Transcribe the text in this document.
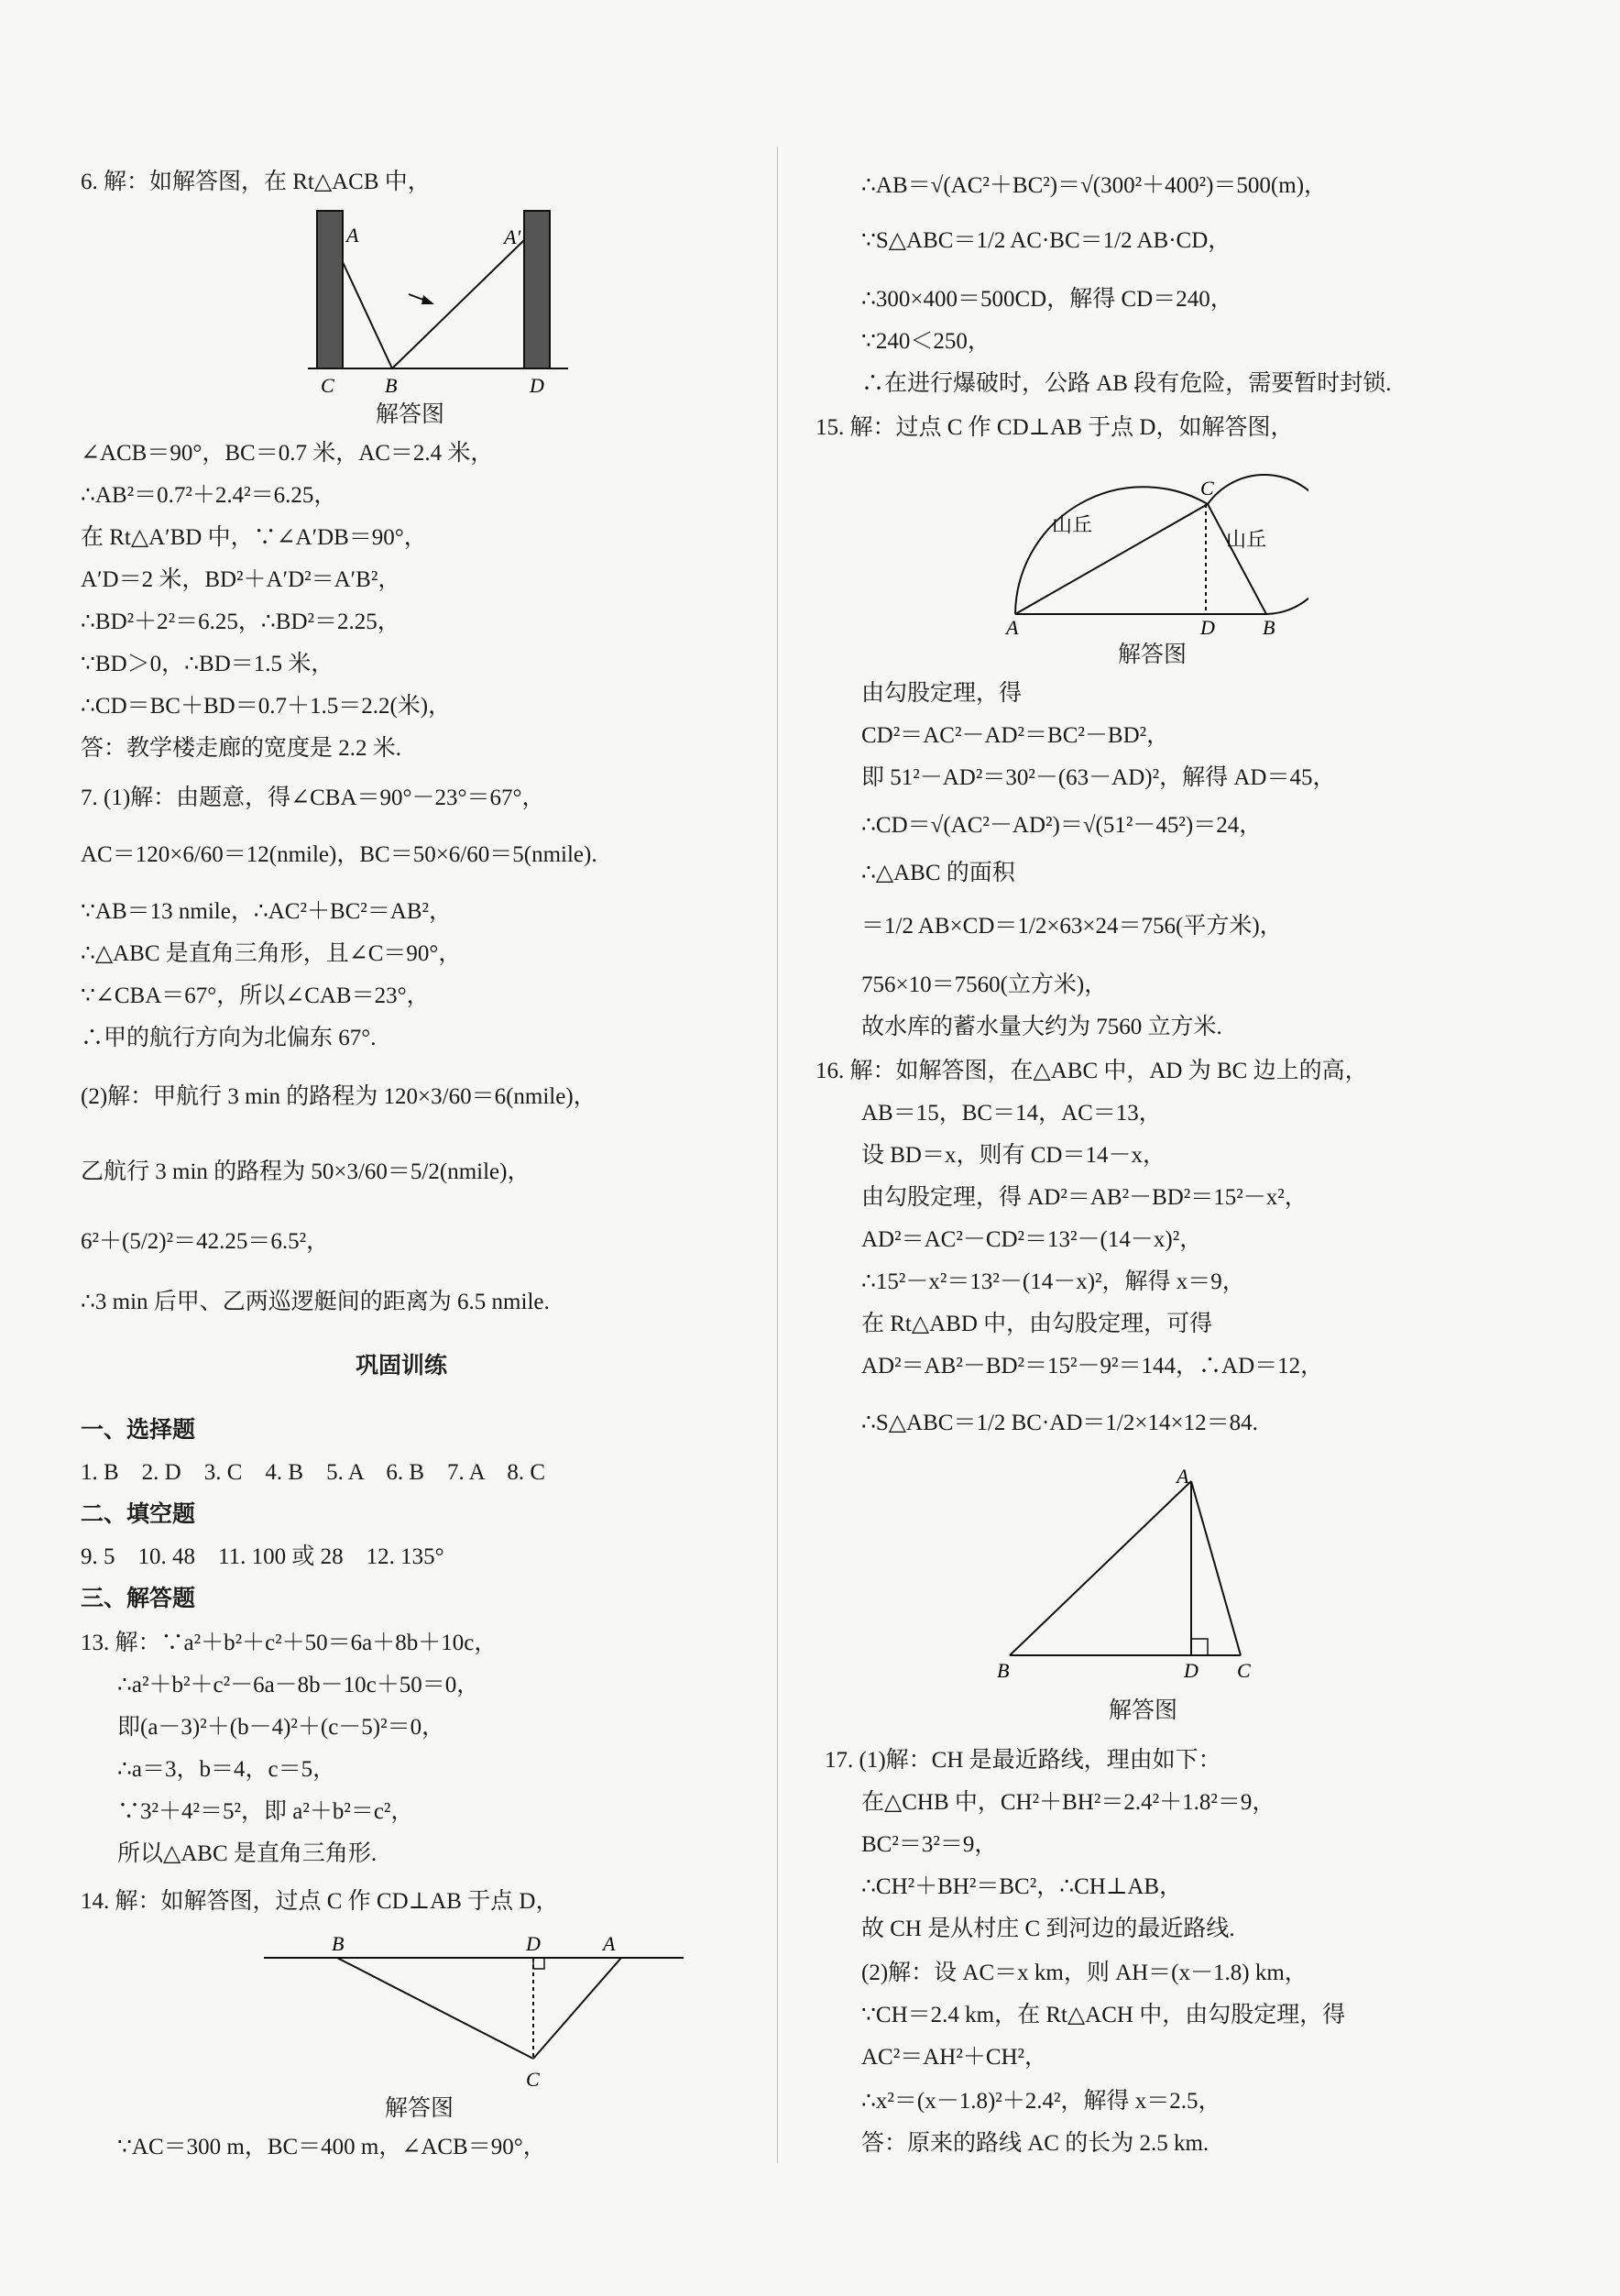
6. 解：如解答图，在 Rt△ACB 中，
A	A′
C	B	D
解答图
∠ACB＝90°，BC＝0.7 米，AC＝2.4 米，
∴AB²＝0.7²＋2.4²＝6.25，
在 Rt△A′BD 中，∵∠A′DB＝90°，
A′D＝2 米，BD²＋A′D²＝A′B²，
∴BD²＋2²＝6.25，∴BD²＝2.25，
∵BD＞0，∴BD＝1.5 米，
∴CD＝BC＋BD＝0.7＋1.5＝2.2(米)，
答：教学楼走廊的宽度是 2.2 米.
7. (1)解：由题意，得∠CBA＝90°－23°＝67°，
AC＝120×6/60＝12(nmile)，BC＝50×6/60＝5(nmile).
∵AB＝13 nmile，∴AC²＋BC²＝AB²，
∴△ABC 是直角三角形，且∠C＝90°，
∵∠CBA＝67°，所以∠CAB＝23°，
∴甲的航行方向为北偏东 67°.
(2)解：甲航行 3 min 的路程为 120×3/60＝6(nmile)，
乙航行 3 min 的路程为 50×3/60＝5/2(nmile)，
6²＋(5/2)²＝42.25＝6.5²，
∴3 min 后甲、乙两巡逻艇间的距离为 6.5 nmile.
巩固训练
一、选择题
1. B　2. D　3. C　4. B　5. A　6. B　7. A　8. C
二、填空题
9. 5　10. 48　11. 100 或 28　12. 135°
三、解答题
13. 解：∵a²＋b²＋c²＋50＝6a＋8b＋10c，
∴a²＋b²＋c²－6a－8b－10c＋50＝0，
即(a－3)²＋(b－4)²＋(c－5)²＝0，
∴a＝3，b＝4，c＝5，
∵3²＋4²＝5²，即 a²＋b²＝c²，
所以△ABC 是直角三角形.
14. 解：如解答图，过点 C 作 CD⊥AB 于点 D，
B	D	A
C
解答图
∵AC＝300 m，BC＝400 m，∠ACB＝90°，
∴AB＝√(AC²＋BC²)＝√(300²＋400²)＝500(m)，
∵S△ABC＝1/2 AC·BC＝1/2 AB·CD，
∴300×400＝500CD，解得 CD＝240，
∵240＜250，
∴在进行爆破时，公路 AB 段有危险，需要暂时封锁.
15. 解：过点 C 作 CD⊥AB 于点 D，如解答图，
山丘
山丘
C
A	D B
解答图
由勾股定理，得
CD²＝AC²－AD²＝BC²－BD²，
即 51²－AD²＝30²－(63－AD)²，解得 AD＝45，
∴CD＝√(AC²－AD²)＝√(51²－45²)＝24，
∴△ABC 的面积
＝1/2 AB×CD＝1/2×63×24＝756(平方米)，
756×10＝7560(立方米)，
故水库的蓄水量大约为 7560 立方米.
16. 解：如解答图，在△ABC 中，AD 为 BC 边上的高，
AB＝15，BC＝14，AC＝13，
设 BD＝x，则有 CD＝14－x，
由勾股定理，得 AD²＝AB²－BD²＝15²－x²，
AD²＝AC²－CD²＝13²－(14－x)²，
∴15²－x²＝13²－(14－x)²，解得 x＝9，
在 Rt△ABD 中，由勾股定理，可得
AD²＝AB²－BD²＝15²－9²＝144，∴AD＝12，
∴S△ABC＝1/2 BC·AD＝1/2×14×12＝84.
A
B	D C
解答图
17. (1)解：CH 是最近路线，理由如下：
在△CHB 中，CH²＋BH²＝2.4²＋1.8²＝9，
BC²＝3²＝9，
∴CH²＋BH²＝BC²，∴CH⊥AB，
故 CH 是从村庄 C 到河边的最近路线.
(2)解：设 AC＝x km，则 AH＝(x－1.8) km，
∵CH＝2.4 km，在 Rt△ACH 中，由勾股定理，得
AC²＝AH²＋CH²，
∴x²＝(x－1.8)²＋2.4²，解得 x＝2.5，
答：原来的路线 AC 的长为 2.5 km.
